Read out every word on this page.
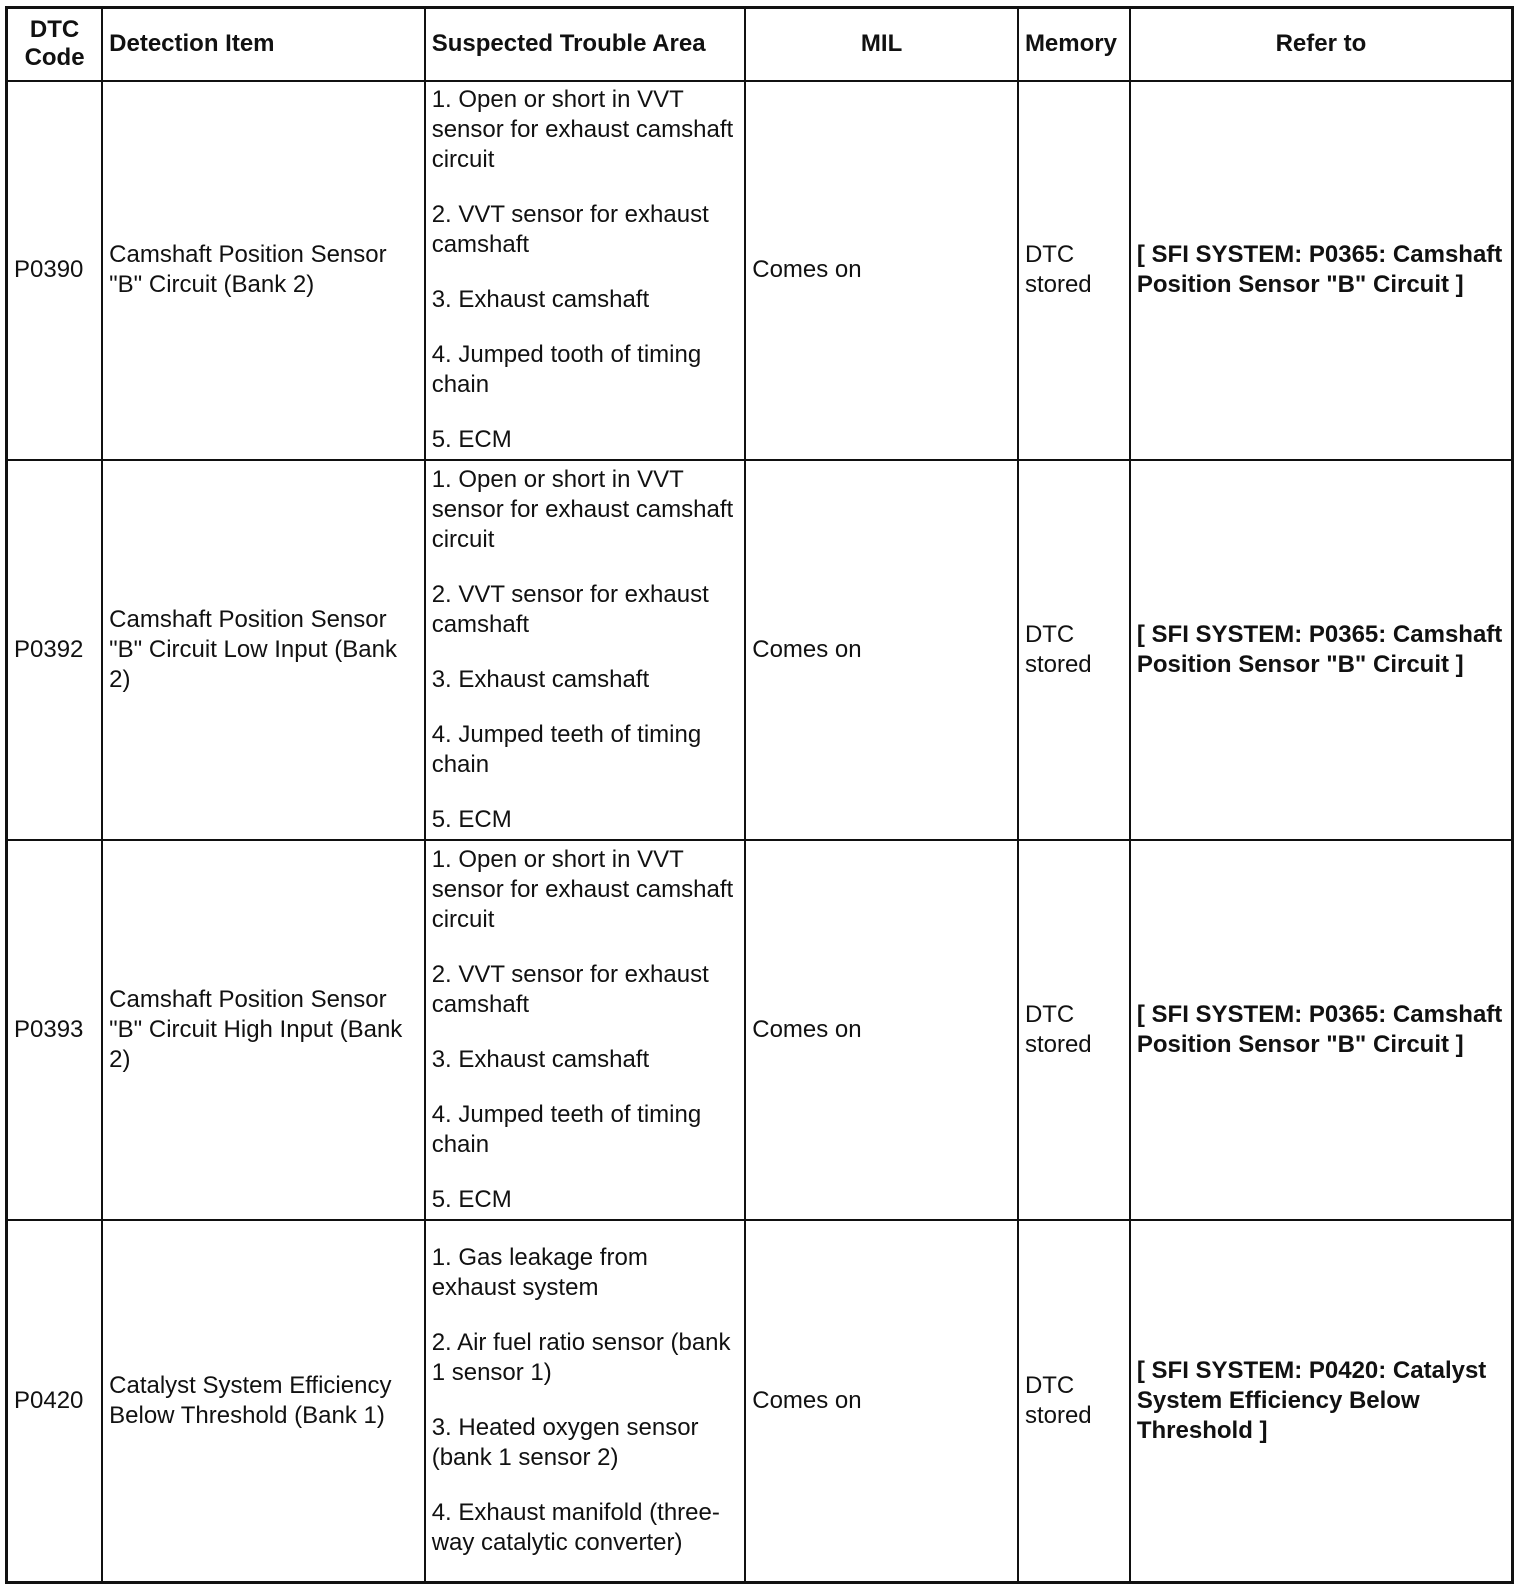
DTC Code	Detection Item	Suspected Trouble Area	MIL	Memory	Refer to
P0390	Camshaft Position Sensor "B" Circuit (Bank 2)	1. Open or short in VVT sensor for exhaust camshaft circuit
2. VVT sensor for exhaust camshaft
3. Exhaust camshaft
4. Jumped tooth of timing chain
5. ECM	Comes on	DTC stored	[ SFI SYSTEM: P0365: Camshaft Position Sensor "B" Circuit ]
P0392	Camshaft Position Sensor "B" Circuit Low Input (Bank 2)	1. Open or short in VVT sensor for exhaust camshaft circuit
2. VVT sensor for exhaust camshaft
3. Exhaust camshaft
4. Jumped teeth of timing chain
5. ECM	Comes on	DTC stored	[ SFI SYSTEM: P0365: Camshaft Position Sensor "B" Circuit ]
P0393	Camshaft Position Sensor "B" Circuit High Input (Bank 2)	1. Open or short in VVT sensor for exhaust camshaft circuit
2. VVT sensor for exhaust camshaft
3. Exhaust camshaft
4. Jumped teeth of timing chain
5. ECM	Comes on	DTC stored	[ SFI SYSTEM: P0365: Camshaft Position Sensor "B" Circuit ]
P0420	Catalyst System Efficiency Below Threshold (Bank 1)	1. Gas leakage from exhaust system
2. Air fuel ratio sensor (bank 1 sensor 1)
3. Heated oxygen sensor (bank 1 sensor 2)
4. Exhaust manifold (three-way catalytic converter)	Comes on	DTC stored	[ SFI SYSTEM: P0420: Catalyst System Efficiency Below Threshold ]
